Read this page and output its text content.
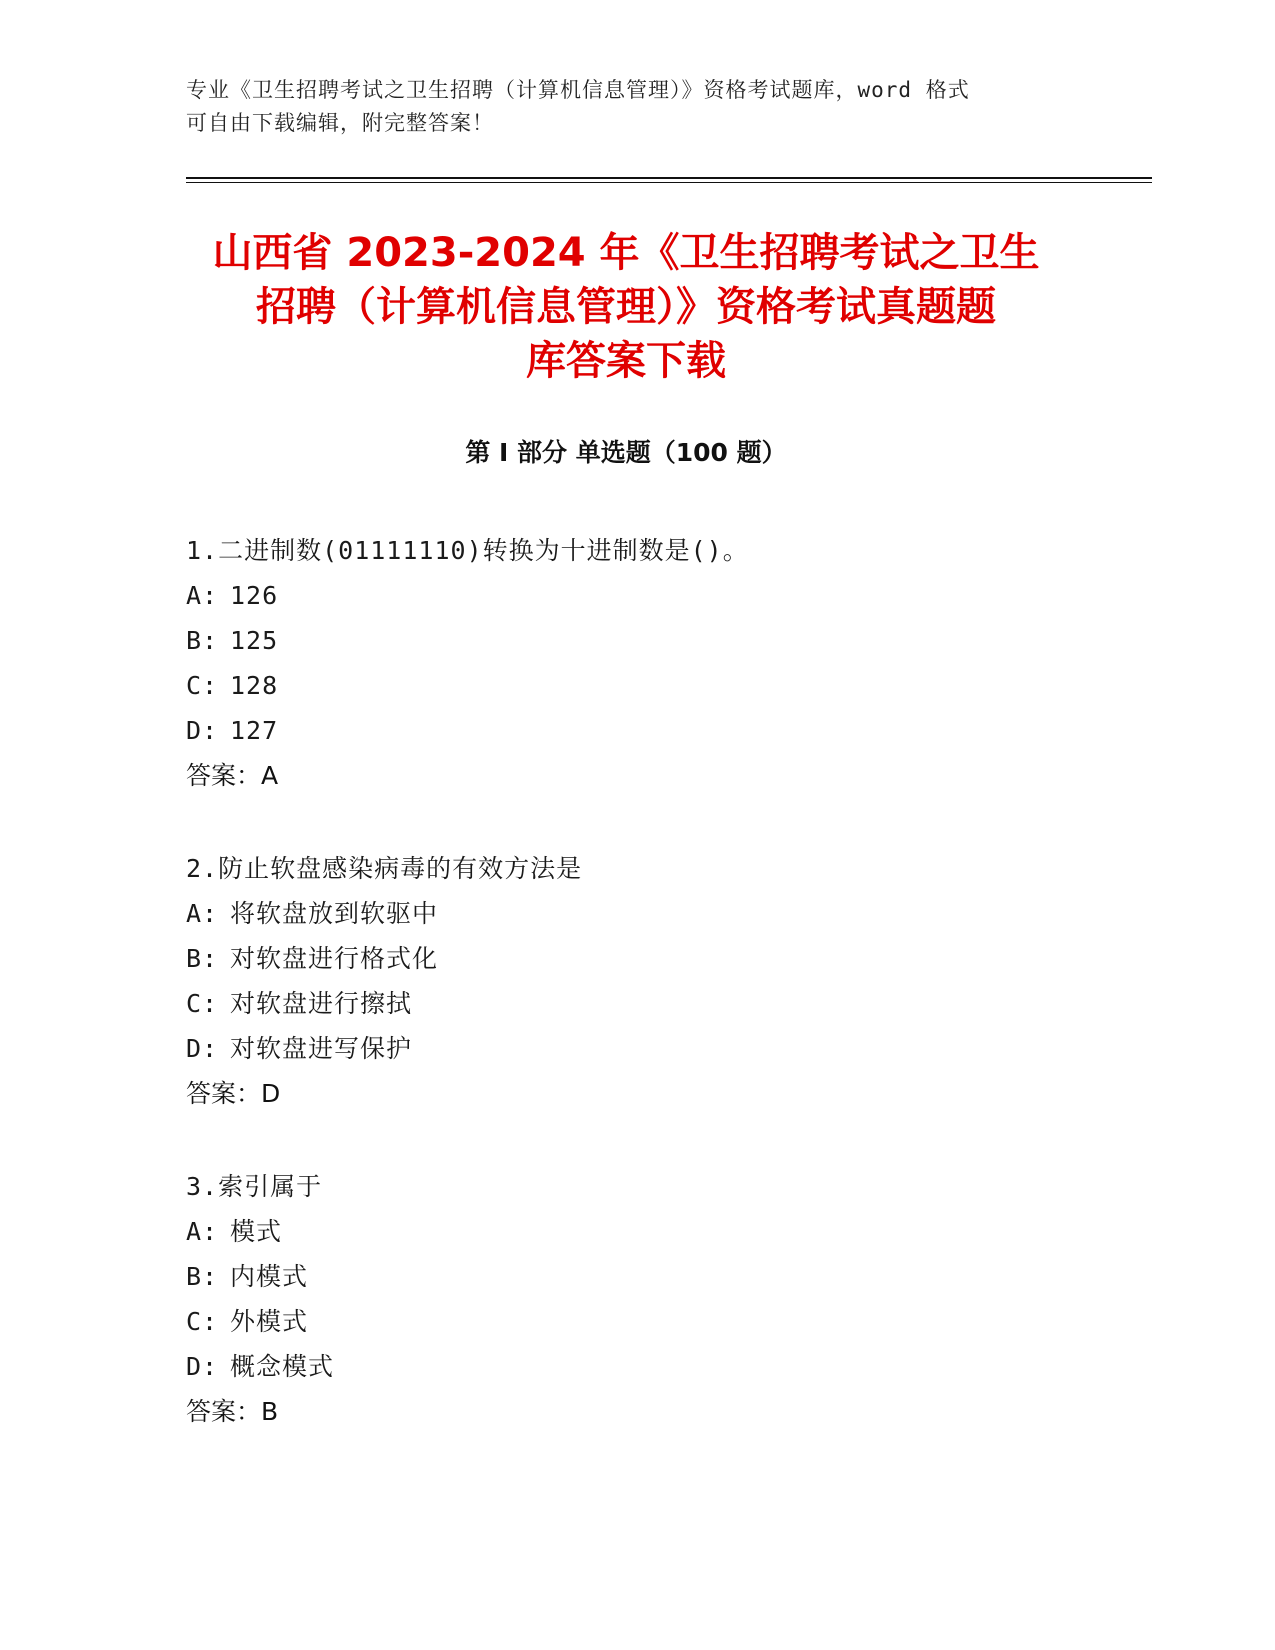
专业《卫生招聘考试之卫生招聘（计算机信息管理）》资格考试题库，word 格式
可自由下载编辑，附完整答案！
山西省 2023-2024 年《卫生招聘考试之卫生
招聘（计算机信息管理）》资格考试真题题
库答案下载
第 I 部分 单选题（100 题）
1.二进制数(01111110)转换为十进制数是()。
A: 126
B: 125
C: 128
D: 127
答案：A
2.防止软盘感染病毒的有效方法是
A: 将软盘放到软驱中
B: 对软盘进行格式化
C: 对软盘进行擦拭
D: 对软盘进写保护
答案：D
3.索引属于
A: 模式
B: 内模式
C: 外模式
D: 概念模式
答案：B
